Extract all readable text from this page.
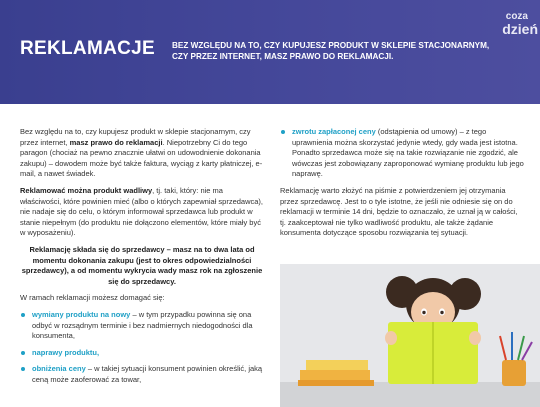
REKLAMACJE BEZ WZGLĘDU NA TO, CZY KUPUJESZ PRODUKT W SKLEPIE STACJONARNYM, CZY PRZEZ INTERNET, MASZ PRAWO DO REKLAMACJI.
coza
dzień

Bez względu na to, czy kupujesz produkt w sklepie stacjonarnym, czy przez internet, masz prawo do reklamacji. Niepotrzebny Ci do tego paragon (chociaż na pewno znacznie ułatwi on udowodnienie dokonania zakupu) – dowodem może być także faktura, wyciąg z karty płatniczej, e-mail, a nawet świadek.

Reklamować można produkt wadliwy, tj. taki, który: nie ma właściwości, które powinien mieć (albo o których zapewniał sprzedawca), nie nadaje się do celu, o którym informował sprzedawca lub produkt w stanie niepełnym (do produktu nie dołączono elementów, które miały być w wyposażeniu).

Reklamację składa się do sprzedawcy – masz na to dwa lata od momentu dokonania zakupu (jest to okres odpowiedzialności sprzedawcy), a od momentu wykrycia wady masz rok na zgłoszenie się do sprzedawcy.

W ramach reklamacji możesz domagać się:

wymiany produktu na nowy – w tym przypadku powinna się ona odbyć w rozsądnym terminie i bez nadmiernych niedogodności dla konsumenta,
naprawy produktu,
obniżenia ceny – w takiej sytuacji konsument powinien określić, jaką ceną może zaoferować za towar,
zwrotu zapłaconej ceny (odstąpienia od umowy) – z tego uprawnienia można skorzystać jedynie wtedy, gdy wada jest istotna. Ponadto sprzedawca może się na takie rozwiązanie nie zgodzić, ale wówczas jest zobowiązany zaproponować wymianę produktu lub jego naprawę.

Reklamację warto złożyć na piśmie z potwierdzeniem jej otrzymania przez sprzedawcę. Jest to o tyle istotne, że jeśli nie odniesie się on do reklamacji w terminie 14 dni, będzie to oznaczało, że uznał ją w całości, tj. zaakceptował nie tylko wadliwość produktu, ale także żądanie konsumenta dotyczące sposobu rozwiązania tej sytuacji.
